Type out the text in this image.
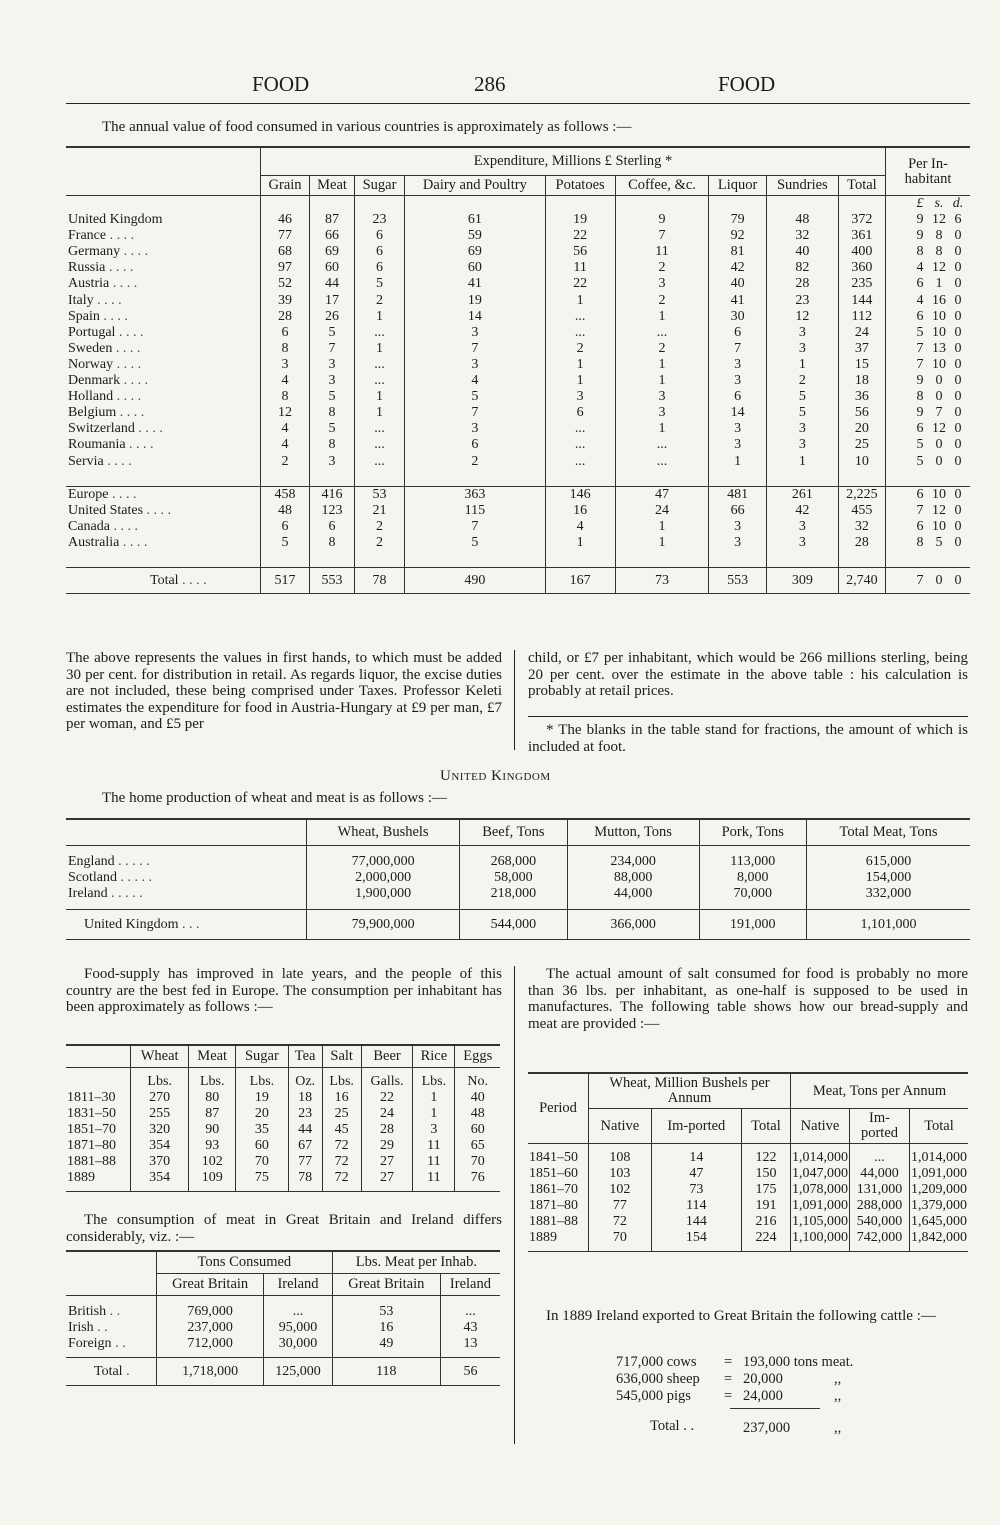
FOOD	286	FOOD
The annual value of food consumed in various countries is approximately as follows :—
	Expenditure, Millions £ Sterling *									Per In-habitant
	Grain	Meat	Sugar	Dairy and Poultry	Potatoes	Coffee, &c.	Liquor	Sundries	Total	
										£ s. d.
United Kingdom	46	87	23	61	19	9	79	48	372	9 12 6
France . . . .	77	66	6	59	22	7	92	32	361	9 8 0
Germany . . . .	68	69	6	69	56	11	81	40	400	8 8 0
Russia . . . .	97	60	6	60	11	2	42	82	360	4 12 0
Austria . . . .	52	44	5	41	22	3	40	28	235	6 1 0
Italy . . . .	39	17	2	19	1	2	41	23	144	4 16 0
Spain . . . .	28	26	1	14	...	1	30	12	112	6 10 0
Portugal . . . .	6	5	...	3	...	...	6	3	24	5 10 0
Sweden . . . .	8	7	1	7	2	2	7	3	37	7 13 0
Norway . . . .	3	3	...	3	1	1	3	1	15	7 10 0
Denmark . . . .	4	3	...	4	1	1	3	2	18	9 0 0
Holland . . . .	8	5	1	5	3	3	6	5	36	8 0 0
Belgium . . . .	12	8	1	7	6	3	14	5	56	9 7 0
Switzerland . . . .	4	5	...	3	...	1	3	3	20	6 12 0
Roumania . . . .	4	8	...	6	...	...	3	3	25	5 0 0
Servia . . . .	2	3	...	2	...	...	1	1	10	5 0 0

Europe . . . .	458	416	53	363	146	47	481	261	2,225	6 10 0
United States . . . .	48	123	21	115	16	24	66	42	455	7 12 0
Canada . . . .	6	6	2	7	4	1	3	3	32	6 10 0
Australia . . . .	5	8	2	5	1	1	3	3	28	8 5 0

Total . . . .	517	553	78	490	167	73	553	309	2,740	7 0 0
The above represents the values in first hands, to which must be added 30 per cent. for distribution in retail. As regards liquor, the excise duties are not included, these being comprised under Taxes. Professor Keleti estimates the expenditure for food in Austria-Hungary at £9 per man, £7 per woman, and £5 per
child, or £7 per inhabitant, which would be 266 millions sterling, being 20 per cent. over the estimate in the above table : his calculation is probably at retail prices.
* The blanks in the table stand for fractions, the amount of which is included at foot.
United Kingdom
The home production of wheat and meat is as follows :—
	Wheat, Bushels	Beef, Tons	Mutton, Tons	Pork, Tons	Total Meat, Tons

England . . . . .	77,000,000	268,000	234,000	113,000	615,000
Scotland . . . . .	2,000,000	58,000	88,000	8,000	154,000
Ireland . . . . .	1,900,000	218,000	44,000	70,000	332,000

United Kingdom . . .	79,900,000	544,000	366,000	191,000	1,101,000
Food-supply has improved in late years, and the people of this country are the best fed in Europe. The consumption per inhabitant has been approximately as follows :—
	Wheat	Meat	Sugar	Tea	Salt	Beer	Rice	Eggs
	Lbs.	Lbs.	Lbs.	Oz.	Lbs.	Galls.	Lbs.	No.
1811–30	270	80	19	18	16	22	1	40
1831–50	255	87	20	23	25	24	1	48
1851–70	320	90	35	44	45	28	3	60
1871–80	354	93	60	67	72	29	11	65
1881–88	370	102	70	77	72	27	11	70
1889	354	109	75	78	72	27	11	76
The consumption of meat in Great Britain and Ireland differs considerably, viz. :—
	Tons Consumed		Lbs. Meat per Inhab.	
	Great Britain	Ireland	Great Britain	Ireland

British . .	769,000	...	53	...
Irish . .	237,000	95,000	16	43
Foreign . .	712,000	30,000	49	13

Total .	1,718,000	125,000	118	56
The actual amount of salt consumed for food is probably no more than 36 lbs. per inhabitant, as one-half is supposed to be used in manufactures. The following table shows how our bread-supply and meat are provided :—
Period	Wheat, Million Bushels per Annum			Meat, Tons per Annum		
	Native	Im-ported	Total	Native	Im-ported	Total

1841–50	108	14	122	1,014,000	...	1,014,000
1851–60	103	47	150	1,047,000	44,000	1,091,000
1861–70	102	73	175	1,078,000	131,000	1,209,000
1871–80	77	114	191	1,091,000	288,000	1,379,000
1881–88	72	144	216	1,105,000	540,000	1,645,000
1889	70	154	224	1,100,000	742,000	1,842,000
In 1889 Ireland exported to Great Britain the following cattle :—
717,000 cows = 193,000 tons meat.
636,000 sheep = 20,000	,,
545,000 pigs = 24,000	,,
Total . .	237,000	,,
